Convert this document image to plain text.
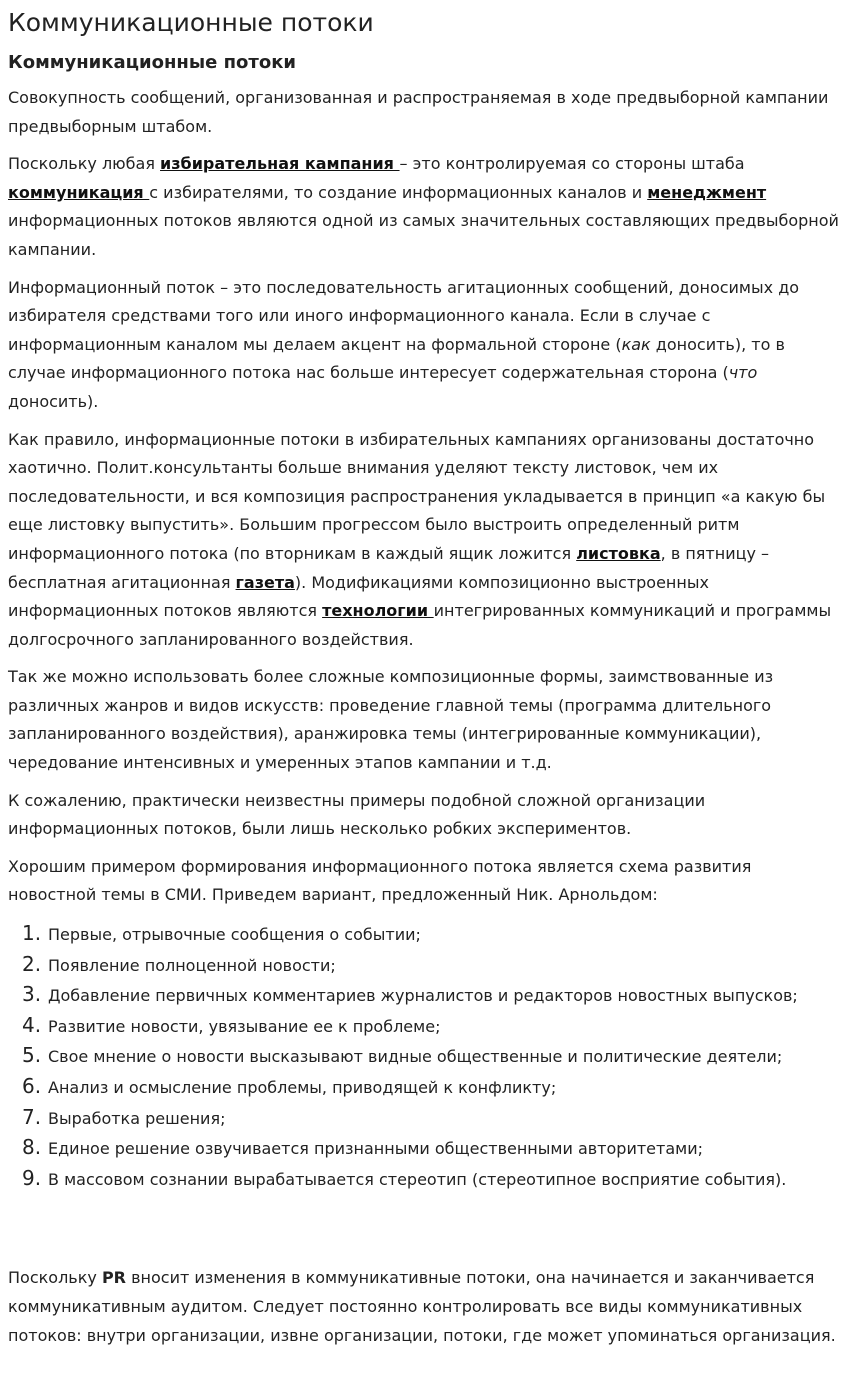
Коммуникационные потоки
Коммуникационные потоки

Совокупность сообщений, организованная и распространяемая в ходе предвыборной кампании предвыборным штабом.

Поскольку любая избирательная кампания – это контролируемая со стороны штаба коммуникация с избирателями, то создание информационных каналов и менеджмент информационных потоков являются одной из самых значительных составляющих предвыборной кампании.

Информационный поток – это последовательность агитационных сообщений, доносимых до избирателя средствами того или иного информационного канала. Если в случае с информационным каналом мы делаем акцент на формальной стороне (как доносить), то в случае информационного потока нас больше интересует содержательная сторона (что доносить).

Как правило, информационные потоки в избирательных кампаниях организованы достаточно хаотично. Полит.консультанты больше внимания уделяют тексту листовок, чем их последовательности, и вся композиция распространения укладывается в принцип «а какую бы еще листовку выпустить». Большим прогрессом было выстроить определенный ритм информационного потока (по вторникам в каждый ящик ложится листовка, в пятницу – бесплатная агитационная газета). Модификациями композиционно выстроенных информационных потоков являются технологии интегрированных коммуникаций и программы долгосрочного запланированного воздействия.

Так же можно использовать более сложные композиционные формы, заимствованные из различных жанров и видов искусств: проведение главной темы (программа длительного запланированного воздействия), аранжировка темы (интегрированные коммуникации), чередование интенсивных и умеренных этапов кампании и т.д.

К сожалению, практически неизвестны примеры подобной сложной организации информационных потоков, были лишь несколько робких экспериментов.

Хорошим примером формирования информационного потока является схема развития новостной темы в СМИ. Приведем вариант, предложенный Ник. Арнольдом:

Первые, отрывочные сообщения о событии;
Появление полноценной новости;
Добавление первичных комментариев журналистов и редакторов новостных выпусков;
Развитие новости, увязывание ее к проблеме;
Свое мнение о новости высказывают видные общественные и политические деятели;
Анализ и осмысление проблемы, приводящей к конфликту;
Выработка решения;
Единое решение озвучивается признанными общественными авторитетами;
В массовом сознании вырабатывается стереотип (стереотипное восприятие события).

Поскольку PR вносит изменения в коммуникативные потоки, она начинается и заканчивается коммуникативным аудитом. Следует постоянно контролировать все виды коммуникативных потоков: внутри организации, извне организации, потоки, где может упоминаться организация.
